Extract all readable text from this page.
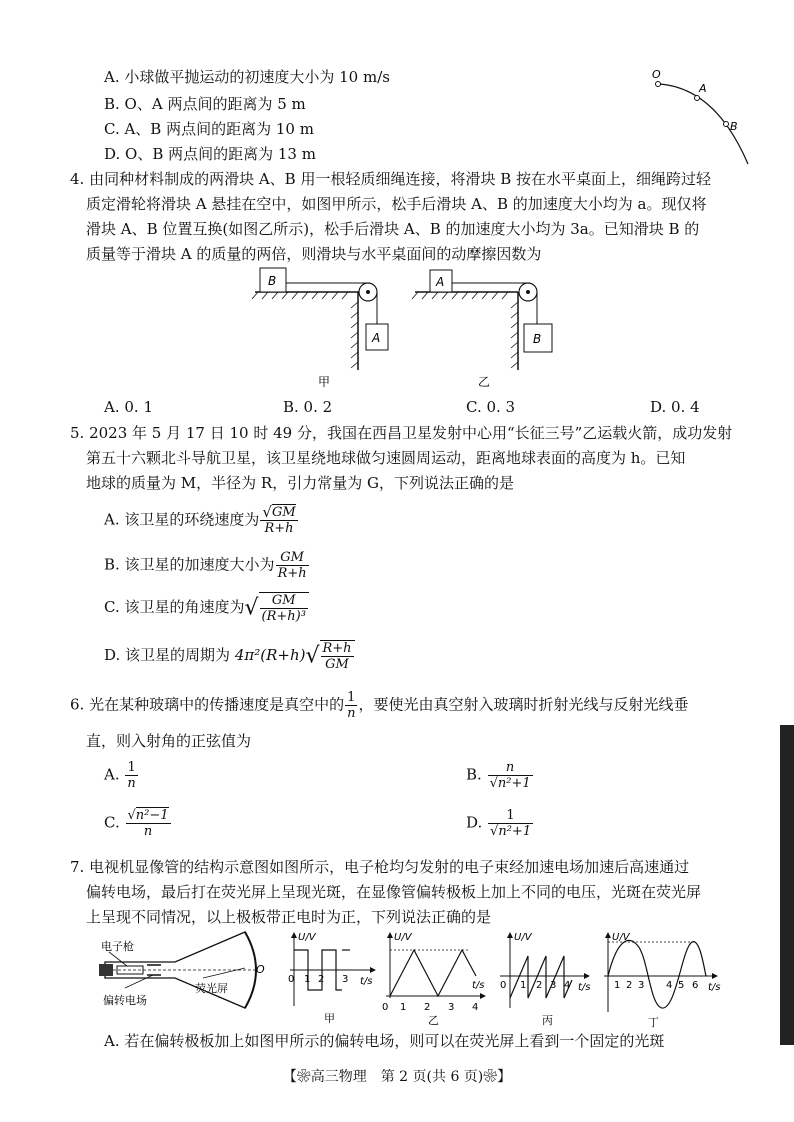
A. 小球做平抛运动的初速度大小为 10 m/s
B. O、A 两点间的距离为 5 m
C. A、B 两点间的距离为 10 m
D. O、B 两点间的距离为 13 m
O
A
B
4. 由同种材料制成的两滑块 A、B 用一根轻质细绳连接，将滑块 B 按在水平桌面上，细绳跨过轻
质定滑轮将滑块 A 悬挂在空中，如图甲所示，松手后滑块 A、B 的加速度大小均为 a。现仅将
滑块 A、B 位置互换(如图乙所示)，松手后滑块 A、B 的加速度大小均为 3a。已知滑块 B 的
质量等于滑块 A 的质量的两倍，则滑块与水平桌面间的动摩擦因数为
B
A
甲
A
B
乙
A. 0. 1	B. 0. 2	C. 0. 3	D. 0. 4
5. 2023 年 5 月 17 日 10 时 49 分，我国在西昌卫星发射中心用“长征三号”乙运载火箭，成功发射
第五十六颗北斗导航卫星，该卫星绕地球做匀速圆周运动，距离地球表面的高度为 h。已知
地球的质量为 M，半径为 R，引力常量为 G，下列说法正确的是
A. 该卫星的环绕速度为 $\frac{√GM}{R+h}$
B. 该卫星的加速度大小为 $\frac{GM}{R+h}$
C. 该卫星的角速度为√ $\frac{GM}{\text{(R+h)³}}$
D. 该卫星的周期为 $4\pi^2(R+h)√ \frac{R+h}{GM}$
6. 光在某种玻璃中的传播速度是真空中的 $\frac{1}{n}$ ，要使光由真空射入玻璃时折射光线与反射光线垂
直，则入射角的正弦值为
A. $\frac{1}{n}$	B. $\frac{n}{\text{√n²+1}}$
C. $\frac{\text{√n²−1}}{n}$	D. $\frac{1}{\text{√n²+1}}$
7. 电视机显像管的结构示意图如图所示，电子枪均匀发射的电子束经加速电场加速后高速通过
偏转电场，最后打在荧光屏上呈现光斑，在显像管偏转极板上加上不同的电压，光斑在荧光屏
上呈现不同情况，以上极板带正电时为正，下列说法正确的是
电子枪
偏转电场
荧光屏
O
U/V
t/s
0 1 2 3
甲
U/V
t/s
0 1 2 3 4
乙
U/V
t/s
0 1 2 3 4
丙
U/V
t/s
1 2 3 4 5 6
丁
A. 若在偏转极板加上如图甲所示的偏转电场，则可以在荧光屏上看到一个固定的光斑
【❀高三物理　第 2 页(共 6 页)❀】
